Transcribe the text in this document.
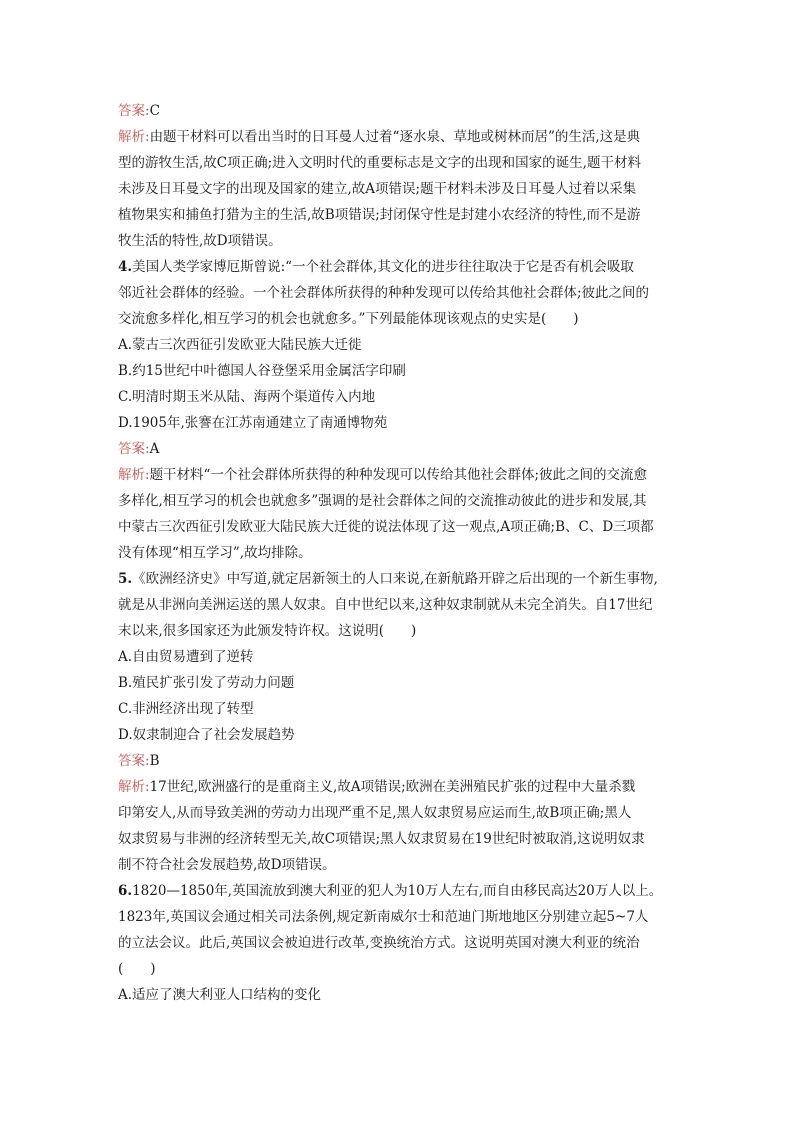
答案:C
解析:由题干材料可以看出当时的日耳曼人过着“逐水泉、草地或树林而居”的生活,这是典
型的游牧生活,故C项正确;进入文明时代的重要标志是文字的出现和国家的诞生,题干材料
未涉及日耳曼文字的出现及国家的建立,故A项错误;题干材料未涉及日耳曼人过着以采集
植物果实和捕鱼打猎为主的生活,故B项错误;封闭保守性是封建小农经济的特性,而不是游
牧生活的特性,故D项错误。
4.美国人类学家博厄斯曾说:“一个社会群体,其文化的进步往往取决于它是否有机会吸取
邻近社会群体的经验。一个社会群体所获得的种种发现可以传给其他社会群体;彼此之间的
交流愈多样化,相互学习的机会也就愈多。”下列最能体现该观点的史实是(　　)
A.蒙古三次西征引发欧亚大陆民族大迁徙
B.约15世纪中叶德国人谷登堡采用金属活字印刷
C.明清时期玉米从陆、海两个渠道传入内地
D.1905年,张謇在江苏南通建立了南通博物苑
答案:A
解析:题干材料“一个社会群体所获得的种种发现可以传给其他社会群体;彼此之间的交流愈
多样化,相互学习的机会也就愈多”强调的是社会群体之间的交流推动彼此的进步和发展,其
中蒙古三次西征引发欧亚大陆民族大迁徙的说法体现了这一观点,A项正确;B、C、D三项都
没有体现“相互学习”,故均排除。
5.《欧洲经济史》中写道,就定居新领土的人口来说,在新航路开辟之后出现的一个新生事物,
就是从非洲向美洲运送的黑人奴隶。自中世纪以来,这种奴隶制就从未完全消失。自17世纪
末以来,很多国家还为此颁发特许权。这说明(　　)
A.自由贸易遭到了逆转
B.殖民扩张引发了劳动力问题
C.非洲经济出现了转型
D.奴隶制迎合了社会发展趋势
答案:B
解析:17世纪,欧洲盛行的是重商主义,故A项错误;欧洲在美洲殖民扩张的过程中大量杀戮
印第安人,从而导致美洲的劳动力出现严重不足,黑人奴隶贸易应运而生,故B项正确;黑人
奴隶贸易与非洲的经济转型无关,故C项错误;黑人奴隶贸易在19世纪时被取消,这说明奴隶
制不符合社会发展趋势,故D项错误。
6.1820—1850年,英国流放到澳大利亚的犯人为10万人左右,而自由移民高达20万人以上。
1823年,英国议会通过相关司法条例,规定新南威尔士和范迪门斯地地区分别建立起5~7人
的立法会议。此后,英国议会被迫进行改革,变换统治方式。这说明英国对澳大利亚的统治
(　　)
A.适应了澳大利亚人口结构的变化
